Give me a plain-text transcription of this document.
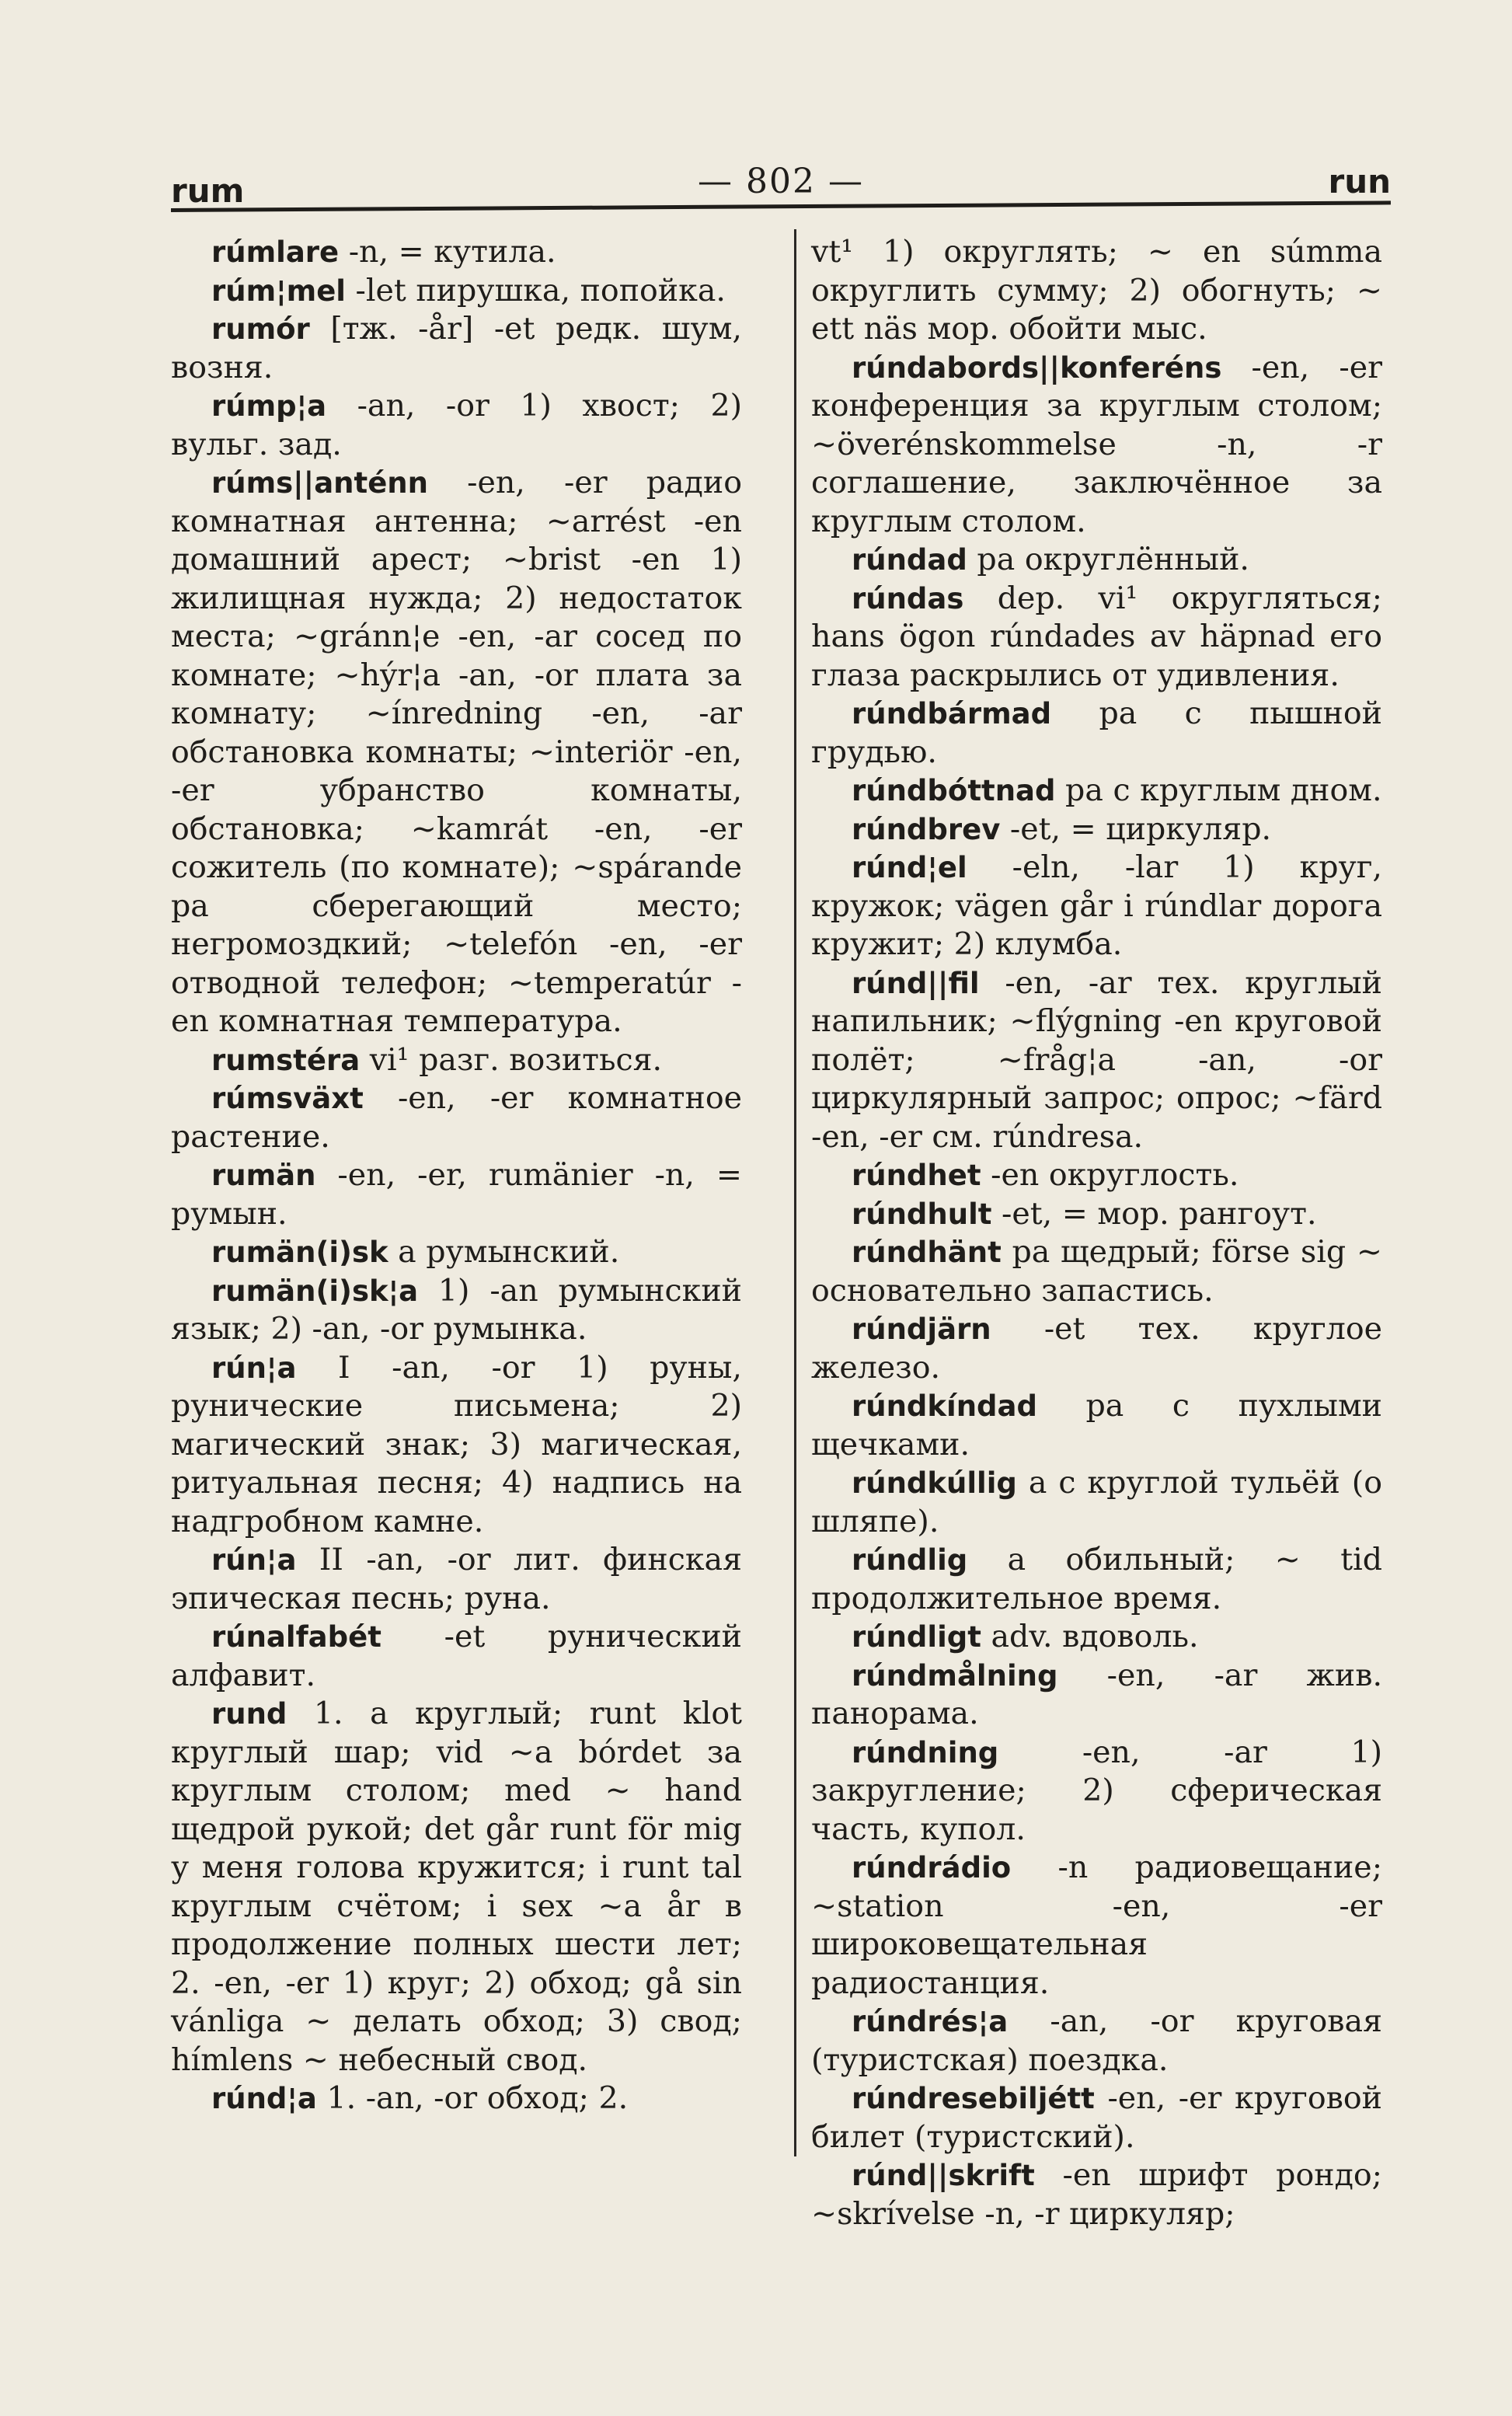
rum	— 802 —	run

rúmlare -n, = кутила.

rúm¦mel -let пирушка, попойка.

rumór [тж. -år] -et редк. шум, возня.

rúmp¦a -an, -or 1) хвост; 2) вульг. зад.

rúms||anténn -en, -er радио комнатная антенна; ~arrést -en домашний арест; ~brist -en 1) жилищная нужда; 2) недостаток места; ~gránn¦e -en, -ar сосед по комнате; ~hýr¦a -an, -or плата за комнату; ~ínredning -en, -ar обстановка комнаты; ~interiör -en, -er убранство комнаты, обстановка; ~kamrát -en, -er сожитель (по комнате); ~spárande pa сберегающий место; негромоздкий; ~telefón -en, -er отводной телефон; ~temperatúr -en комнатная температура.

rumstéra vi¹ разг. возиться.

rúmsväxt -en, -er комнатное растение.

rumän -en, -er, rumänier -n, = румын.

rumän(i)sk a румынский.

rumän(i)sk¦a 1) -an румынский язык; 2) -an, -or румынка.

rún¦a I -an, -or 1) руны, рунические письмена; 2) магический знак; 3) магическая, ритуальная песня; 4) надпись на надгробном камне.

rún¦a II -an, -or лит. финская эпическая песнь; руна.

rúnalfabét -et рунический алфавит.

rund 1. a круглый; runt klot круглый шар; vid ~a bórdet за круглым столом; med ~ hand щедрой рукой; det går runt för mig у меня голова кружится; i runt tal круглым счётом; i sex ~a år в продолжение полных шести лет; 2. -en, -er 1) круг; 2) обход; gå sin vánliga ~ делать обход; 3) свод; hímlens ~ небесный свод.

rúnd¦a 1. -an, -or обход; 2.

vt¹ 1) округлять; ~ en súmma округлить сумму; 2) обогнуть; ~ ett näs мор. обойти мыс.

rúndabords||konferéns -en, -er конференция за круглым столом; ~överénskommelse -n, -r соглашение, заключённое за круглым столом.

rúndad pa округлённый.

rúndas dep. vi¹ округляться; hans ögon rúndades av häpnad его глаза раскрылись от удивления.

rúndbármad pa с пышной грудью.

rúndbóttnad pa с круглым дном.

rúndbrev -et, = циркуляр.

rúnd¦el -eln, -lar 1) круг, кружок; vägen går i rúndlar дорога кружит; 2) клумба.

rúnd||fil -en, -ar тех. круглый напильник; ~flýgning -en круговой полёт; ~fråg¦a -an, -or циркулярный запрос; опрос; ~färd -en, -er см. rúndresa.

rúndhet -en округлость.

rúndhult -et, = мор. рангоут.

rúndhänt pa щедрый; förse sig ~ основательно запастись.

rúndjärn -et тех. круглое железо.

rúndkíndad pa с пухлыми щечками.

rúndkúllig a с круглой тульёй (о шляпе).

rúndlig a обильный; ~ tid продолжительное время.

rúndligt adv. вдоволь.

rúndmålning -en, -ar жив. панорама.

rúndning -en, -ar 1) закругление; 2) сферическая часть, купол.

rúndrádio -n радиовещание; ~station -en, -er широковещательная радиостанция.

rúndrés¦a -an, -or круговая (туристская) поездка.

rúndresebiljétt -en, -er круговой билет (туристский).

rúnd||skrift -en шрифт рондо; ~skrívelse -n, -r циркуляр;
